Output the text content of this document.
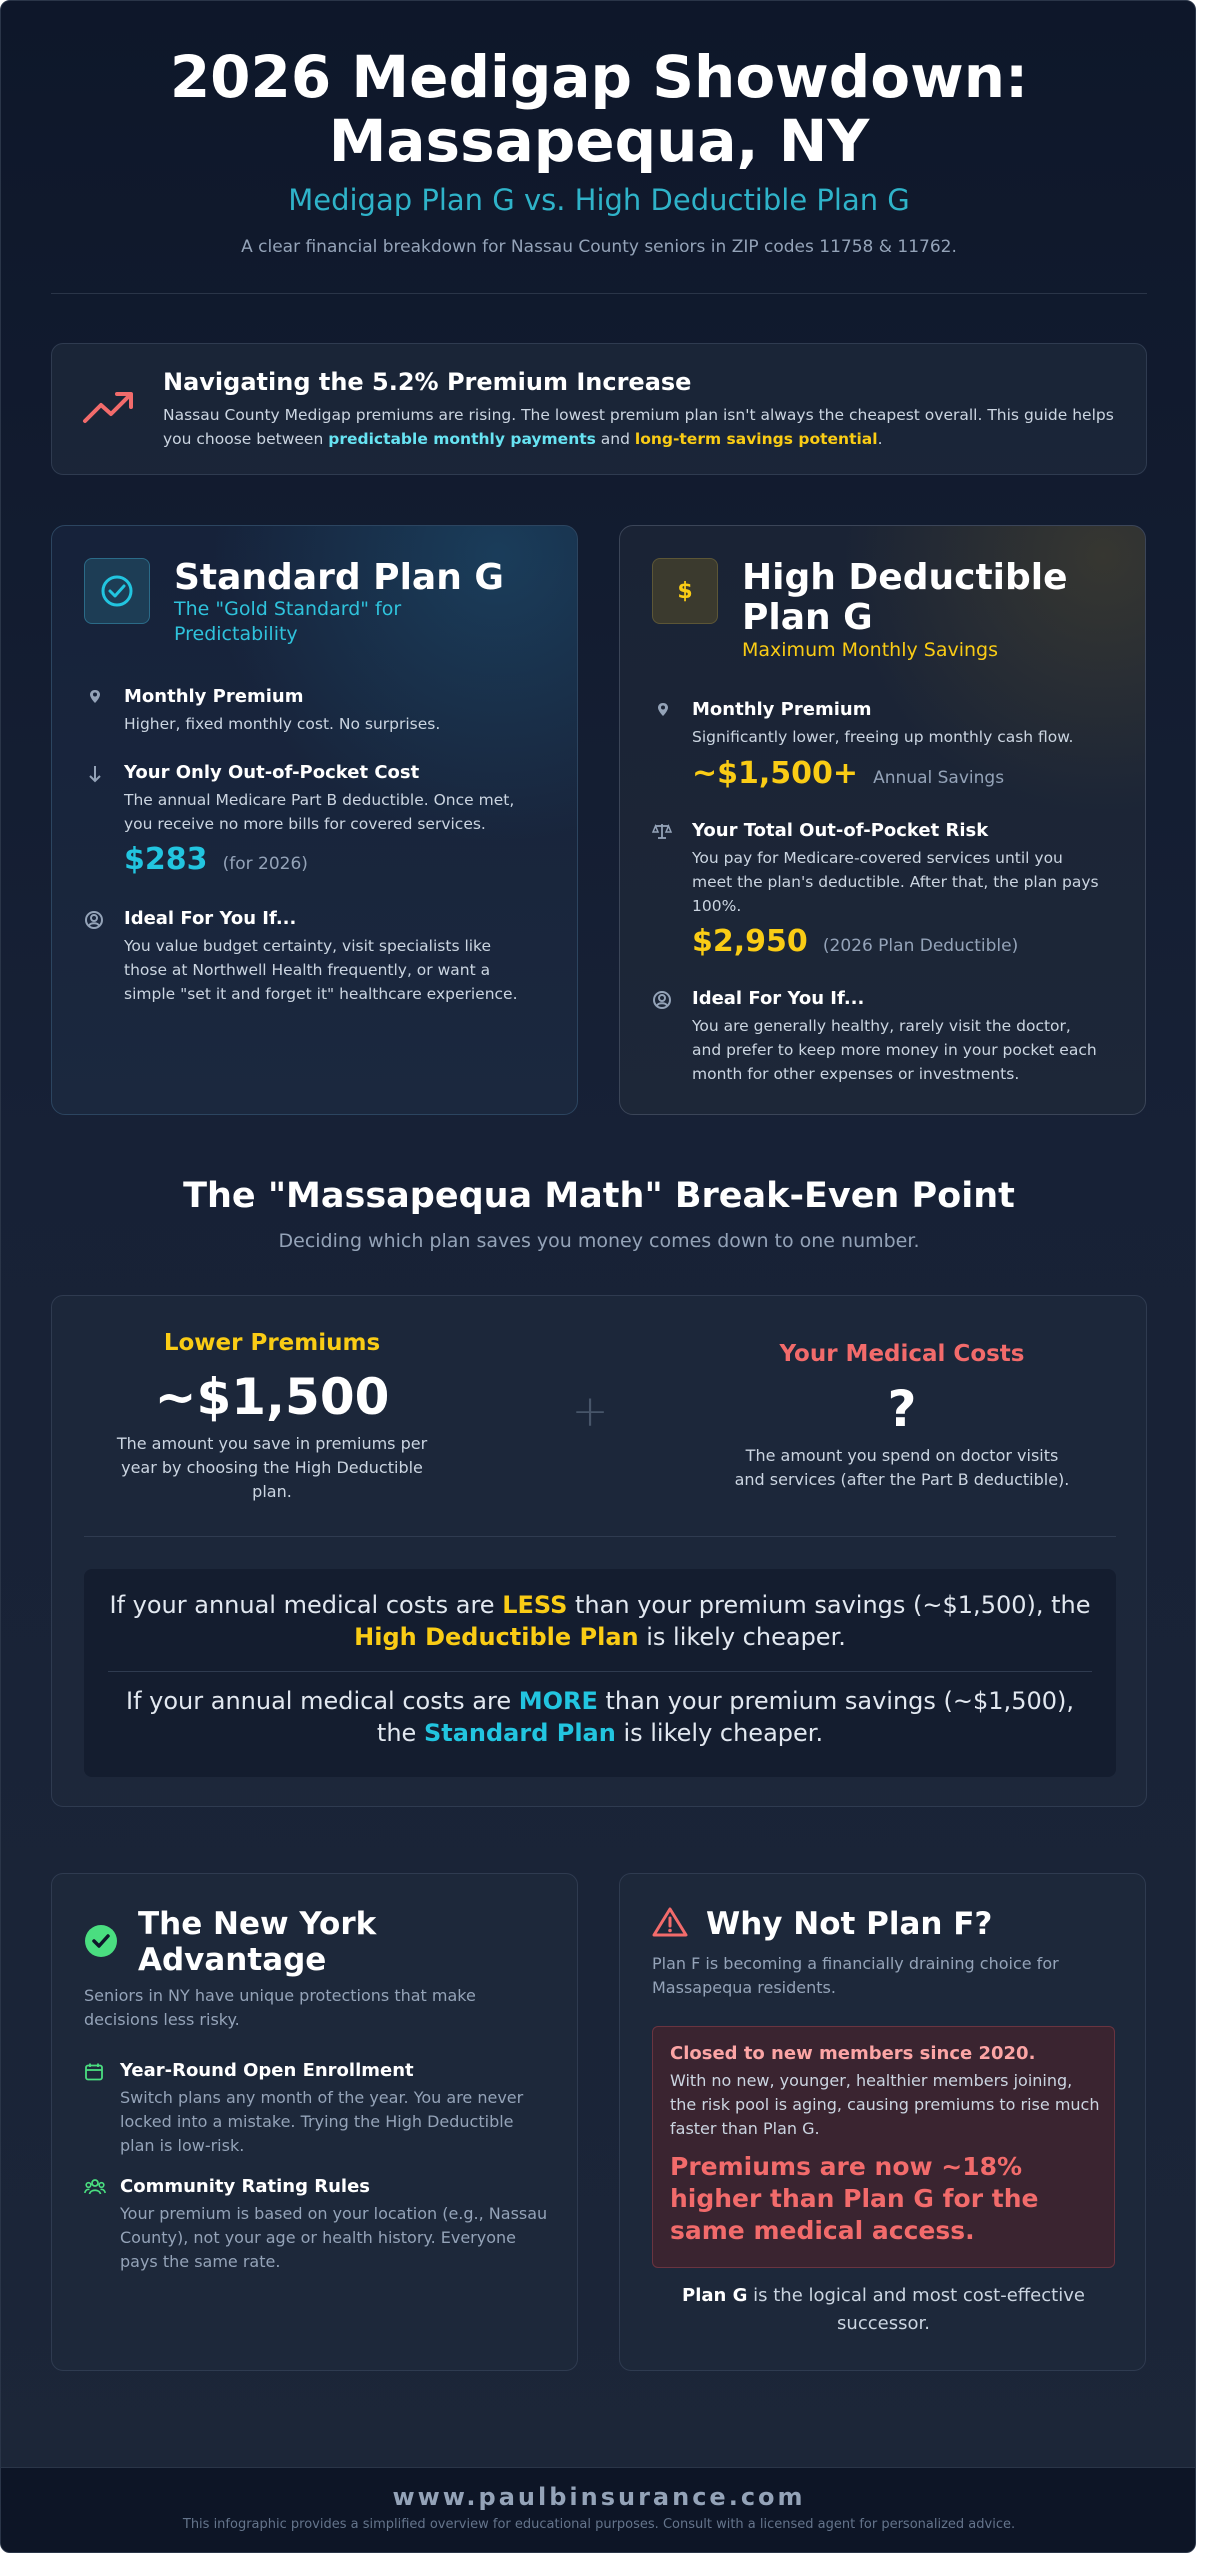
2026 Medigap Showdown:
Massapequa, NY
Medigap Plan G vs. High Deductible Plan G
A clear financial breakdown for Nassau County seniors in ZIP codes 11758 & 11762.
Navigating the 5.2% Premium Increase
Nassau County Medigap premiums are rising. The lowest premium plan isn't always the cheapest overall. This guide helps you choose between predictable monthly payments and long-term savings potential.
Standard Plan G
The "Gold Standard" for
Predictability
Monthly Premium
Higher, fixed monthly cost. No surprises.
Your Only Out-of-Pocket Cost
The annual Medicare Part B deductible. Once met,
you receive no more bills for covered services.
$283 (for 2026)
Ideal For You If...
You value budget certainty, visit specialists like
those at Northwell Health frequently, or want a
simple "set it and forget it" healthcare experience.
$	High Deductible
Plan G
Maximum Monthly Savings
Monthly Premium
Significantly lower, freeing up monthly cash flow.
~$1,500+ Annual Savings
Your Total Out-of-Pocket Risk
You pay for Medicare-covered services until you
meet the plan's deductible. After that, the plan pays
100%.
$2,950 (2026 Plan Deductible)
Ideal For You If...
You are generally healthy, rarely visit the doctor,
and prefer to keep more money in your pocket each
month for other expenses or investments.
The "Massapequa Math" Break-Even Point
Deciding which plan saves you money comes down to one number.
Lower Premiums
~$1,500
The amount you save in premiums per
year by choosing the High Deductible
plan.
+
Your Medical Costs
?
The amount you spend on doctor visits
and services (after the Part B deductible).
If your annual medical costs are LESS than your premium savings (~$1,500), the
High Deductible Plan is likely cheaper.
If your annual medical costs are MORE than your premium savings (~$1,500),
the Standard Plan is likely cheaper.
The New York
Advantage
Seniors in NY have unique protections that make
decisions less risky.
Year-Round Open Enrollment
Switch plans any month of the year. You are never
locked into a mistake. Trying the High Deductible
plan is low-risk.
Community Rating Rules
Your premium is based on your location (e.g., Nassau
County), not your age or health history. Everyone
pays the same rate.
Why Not Plan F?
Plan F is becoming a financially draining choice for
Massapequa residents.
Closed to new members since 2020.
With no new, younger, healthier members joining,
the risk pool is aging, causing premiums to rise much
faster than Plan G.
Premiums are now ~18%
higher than Plan G for the
same medical access.
Plan G is the logical and most cost-effective
successor.
www.paulbinsurance.com
This infographic provides a simplified overview for educational purposes. Consult with a licensed agent for personalized advice.
